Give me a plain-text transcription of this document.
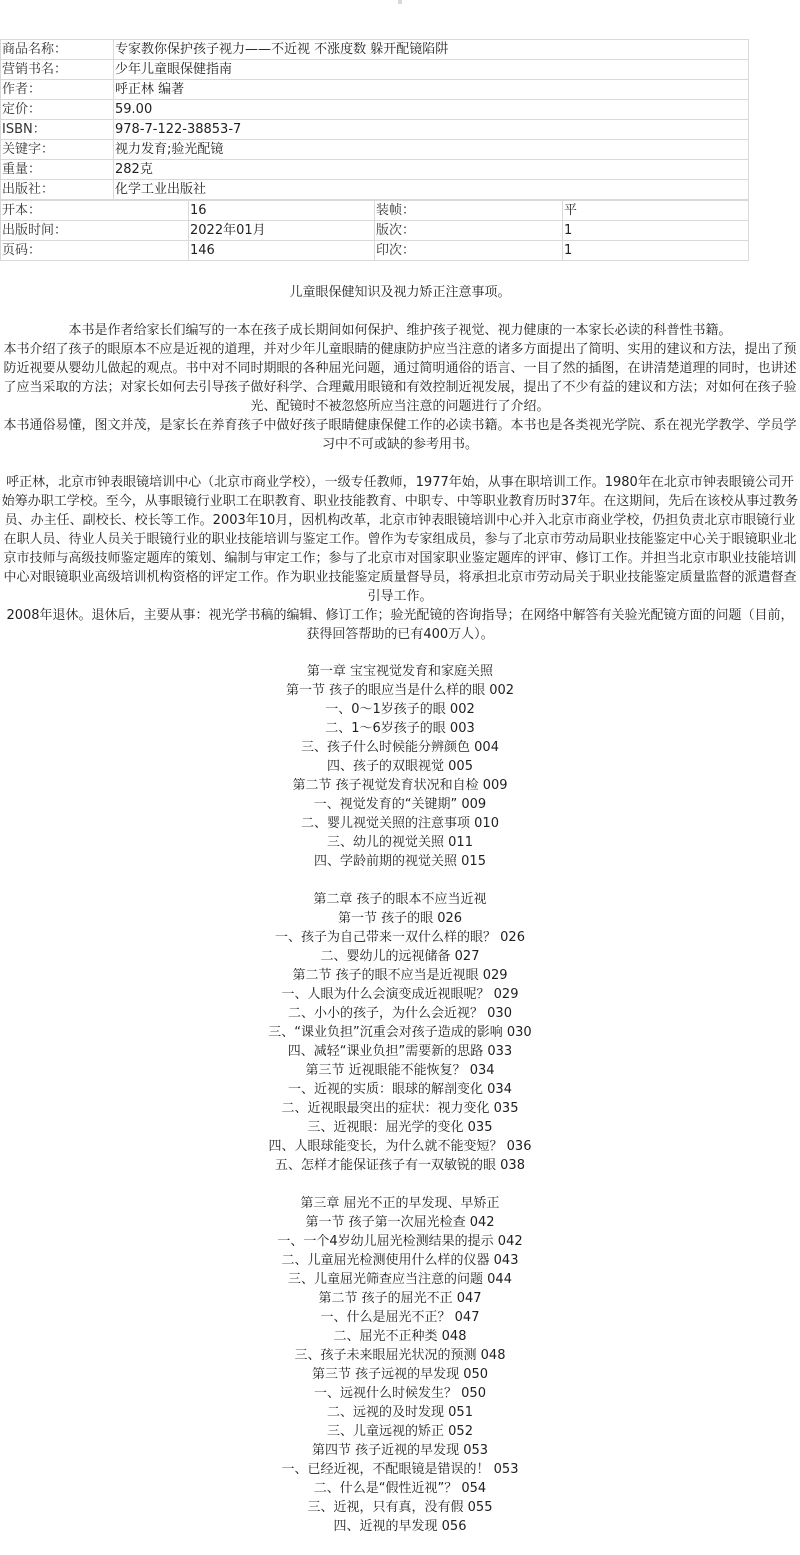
商品名称：	专家教你保护孩子视力——不近视 不涨度数 躲开配镜陷阱
营销书名：	少年儿童眼保健指南
作者：	呼正林 编著
定价：	59.00
ISBN：	978-7-122-38853-7
关键字：	视力发育;验光配镜
重量：	282克
出版社：	化学工业出版社
开本：	16	装帧：	平
出版时间：	2022年01月	版次：	1
页码：	146	印次：	1

儿童眼保健知识及视力矫正注意事项。

本书是作者给家长们编写的一本在孩子成长期间如何保护、维护孩子视觉、视力健康的一本家长必读的科普性书籍。

本书介绍了孩子的眼原本不应是近视的道理，并对少年儿童眼睛的健康防护应当注意的诸多方面提出了简明、实用的建议和方法，提出了预防近视要从婴幼儿做起的观点。书中对不同时期眼的各种屈光问题，通过简明通俗的语言、一目了然的插图，在讲清楚道理的同时，也讲述了应当采取的方法；对家长如何去引导孩子做好科学、合理戴用眼镜和有效控制近视发展，提出了不少有益的建议和方法；对如何在孩子验光、配镜时不被忽悠所应当注意的问题进行了介绍。

本书通俗易懂，图文并茂，是家长在养育孩子中做好孩子眼睛健康保健工作的必读书籍。本书也是各类视光学院、系在视光学教学、学员学习中不可或缺的参考用书。

呼正林，北京市钟表眼镜培训中心（北京市商业学校），一级专任教师，1977年始，从事在职培训工作。1980年在北京市钟表眼镜公司开始筹办职工学校。至今，从事眼镜行业职工在职教育、职业技能教育、中职专、中等职业教育历时37年。在这期间，先后在该校从事过教务员、办主任、副校长、校长等工作。2003年10月，因机构改革，北京市钟表眼镜培训中心并入北京市商业学校，仍担负责北京市眼镜行业在职人员、待业人员关于眼镜行业的职业技能培训与鉴定工作。曾作为专家组成员，参与了北京市劳动局职业技能鉴定中心关于眼镜职业北京市技师与高级技师鉴定题库的策划、编制与审定工作；参与了北京市对国家职业鉴定题库的评审、修订工作。并担当北京市职业技能培训中心对眼镜职业高级培训机构资格的评定工作。作为职业技能鉴定质量督导员，将承担北京市劳动局关于职业技能鉴定质量监督的派遣督查引导工作。

2008年退休。退休后，主要从事：视光学书稿的编辑、修订工作；验光配镜的咨询指导；在网络中解答有关验光配镜方面的问题（目前，获得回答帮助的已有400万人）。

第一章 宝宝视觉发育和家庭关照

第一节 孩子的眼应当是什么样的眼 002

一、0～1岁孩子的眼 002

二、1～6岁孩子的眼 003

三、孩子什么时候能分辨颜色 004

四、孩子的双眼视觉 005

第二节 孩子视觉发育状况和自检 009

一、视觉发育的“关键期” 009

二、婴儿视觉关照的注意事项 010

三、幼儿的视觉关照 011

四、学龄前期的视觉关照 015

第二章 孩子的眼本不应当近视

第一节 孩子的眼 026

一、孩子为自己带来一双什么样的眼？ 026

二、婴幼儿的远视储备 027

第二节 孩子的眼不应当是近视眼 029

一、人眼为什么会演变成近视眼呢？ 029

二、小小的孩子，为什么会近视？ 030

三、“课业负担”沉重会对孩子造成的影响 030

四、减轻“课业负担”需要新的思路 033

第三节 近视眼能不能恢复？ 034

一、近视的实质：眼球的解剖变化 034

二、近视眼最突出的症状：视力变化 035

三、近视眼：屈光学的变化 035

四、人眼球能变长，为什么就不能变短？ 036

五、怎样才能保证孩子有一双敏锐的眼 038

第三章 屈光不正的早发现、早矫正

第一节 孩子第一次屈光检查 042

一、一个4岁幼儿屈光检测结果的提示 042

二、儿童屈光检测使用什么样的仪器 043

三、儿童屈光筛查应当注意的问题 044

第二节 孩子的屈光不正 047

一、什么是屈光不正？ 047

二、屈光不正种类 048

三、孩子未来眼屈光状况的预测 048

第三节 孩子远视的早发现 050

一、远视什么时候发生？ 050

二、远视的及时发现 051

三、儿童远视的矫正 052

第四节 孩子近视的早发现 053

一、已经近视，不配眼镜是错误的！ 053

二、什么是“假性近视”？ 054

三、近视，只有真，没有假 055

四、近视的早发现 056
